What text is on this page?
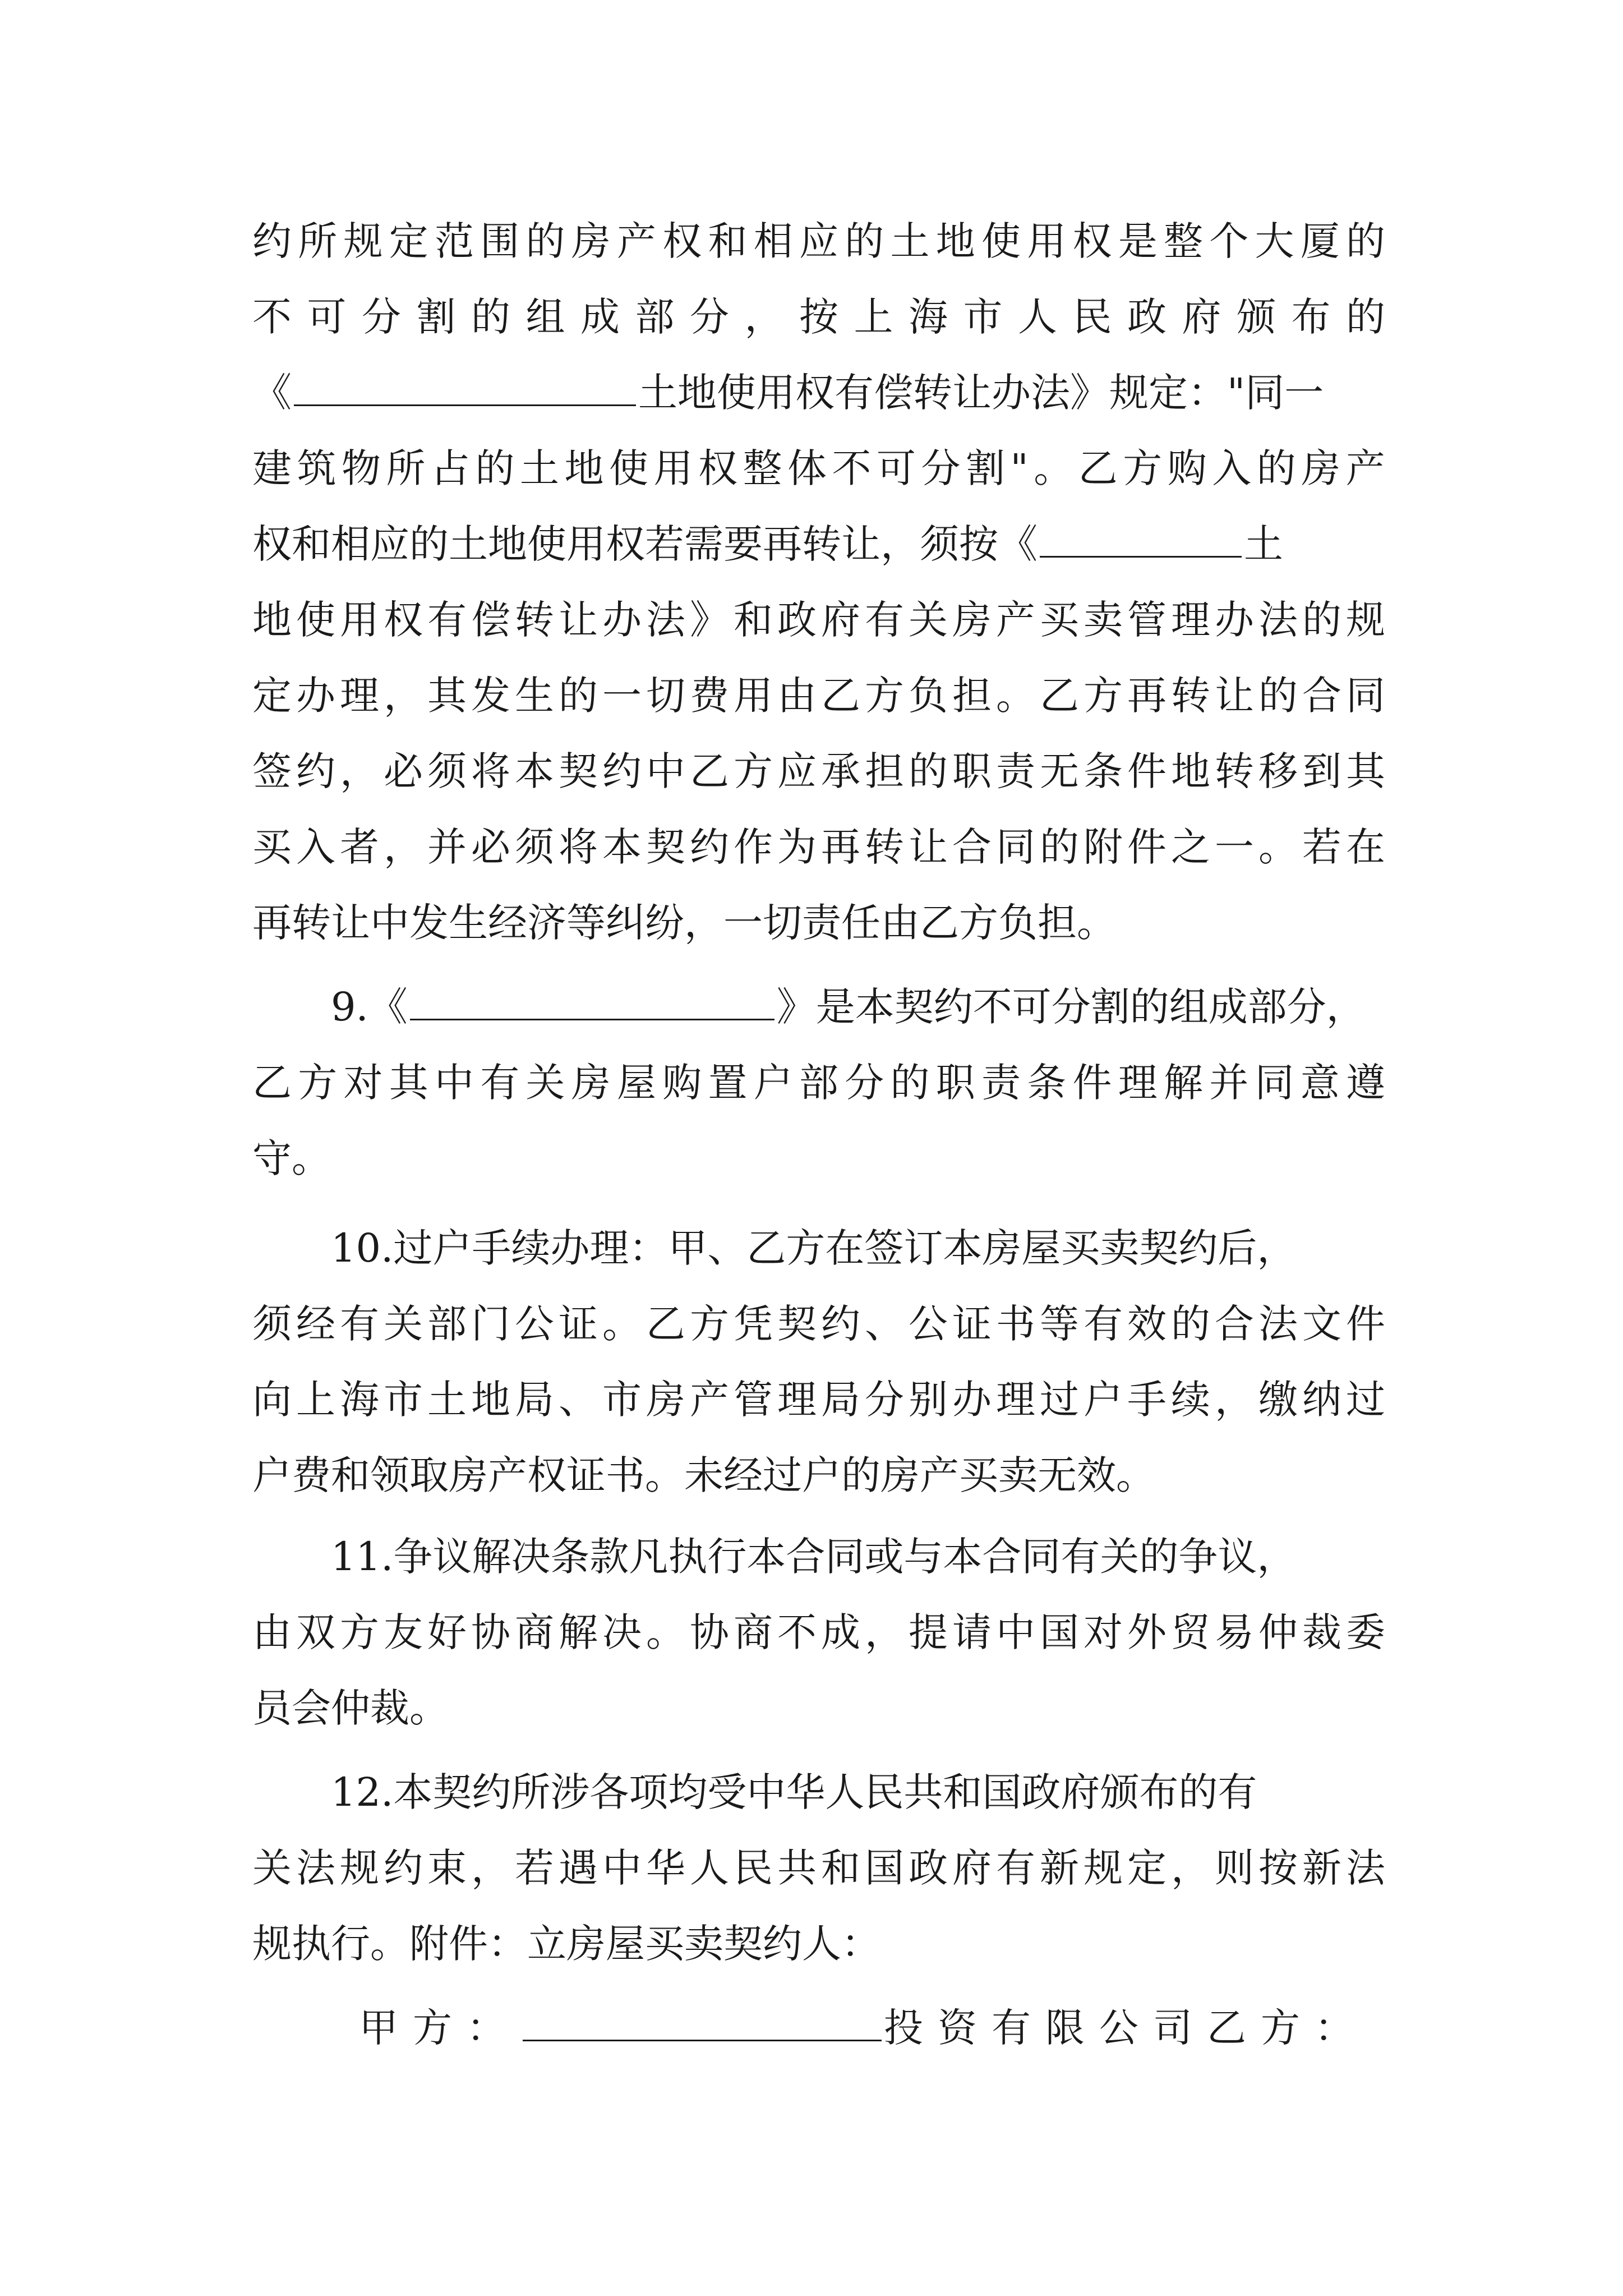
约 所 规 定 范 围 的 房 产 权 和 相 应 的 土 地 使 用 权 是 整 个 大 厦 的
不 可 分 割 的 组 成 部 分 ， 按 上 海 市 人 民 政 府 颁 布 的
《	土地使用权有偿转让办法》规定："同一
建 筑 物 所 占 的 土 地 使 用 权 整 体 不 可 分 割 " 。 乙 方 购 入 的 房 产
权和相应的土地使用权若需要再转让，须按《	土
地 使 用 权 有 偿 转 让 办 法 》 和 政 府 有 关 房 产 买 卖 管 理 办 法 的 规
定 办 理 ， 其 发 生 的 一 切 费 用 由 乙 方 负 担 。 乙 方 再 转 让 的 合 同
签 约 ， 必 须 将 本 契 约 中 乙 方 应 承 担 的 职 责 无 条 件 地 转 移 到 其
买 入 者 ， 并 必 须 将 本 契 约 作 为 再 转 让 合 同 的 附 件 之 一 。 若 在
再转让中发生经济等纠纷，一切责任由乙方负担。
9.《	》是本契约不可分割的组成部分，
乙 方 对 其 中 有 关 房 屋 购 置 户 部 分 的 职 责 条 件 理 解 并 同 意 遵
守。
10.过户手续办理：甲、乙方在签订本房屋买卖契约后，
须 经 有 关 部 门 公 证 。 乙 方 凭 契 约 、 公 证 书 等 有 效 的 合 法 文 件
向 上 海 市 土 地 局 、 市 房 产 管 理 局 分 别 办 理 过 户 手 续 ， 缴 纳 过
户费和领取房产权证书。未经过户的房产买卖无效。
11.争议解决条款凡执行本合同或与本合同有关的争议，
由 双 方 友 好 协 商 解 决 。 协 商 不 成 ， 提 请 中 国 对 外 贸 易 仲 裁 委
员会仲裁。
12.本契约所涉各项均受中华人民共和国政府颁布的有
关 法 规 约 束 ， 若 遇 中 华 人 民 共 和 国 政 府 有 新 规 定 ， 则 按 新 法
规执行。附件：立房屋买卖契约人：
甲方：	投资有限公司乙方：
